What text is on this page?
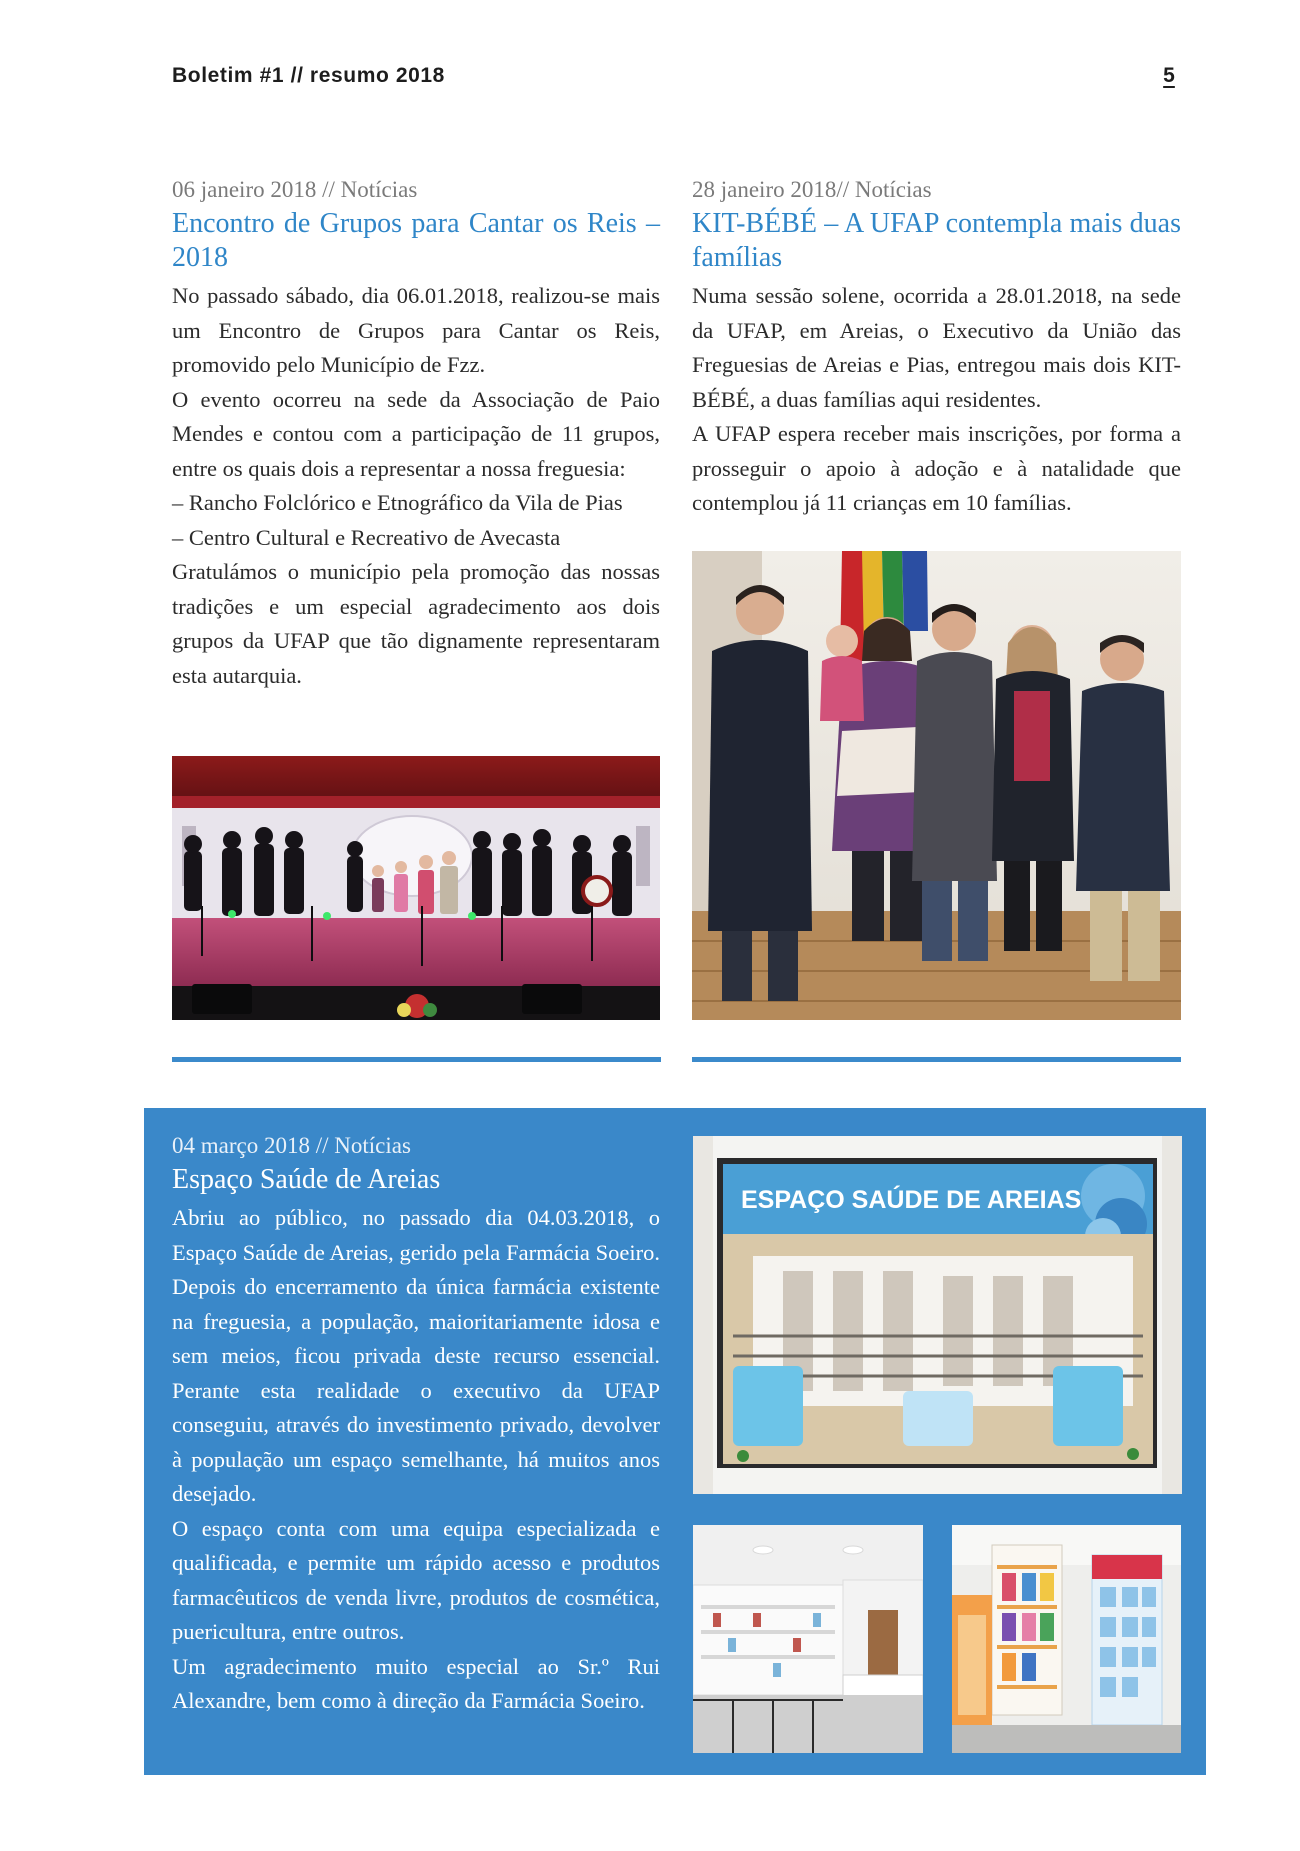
Boletim #1 // resumo 2018	5
06 janeiro 2018 // Notícias
Encontro de Grupos para Cantar os Reis – 2018

No passado sábado, dia 06.01.2018, realizou-se mais um Encontro de Grupos para Cantar os Reis, promovido pelo Município de Fzz.

O evento ocorreu na sede da Associação de Paio Mendes e contou com a participação de 11 grupos, entre os quais dois a representar a nossa freguesia:

– Rancho Folclórico e Etnográfico da Vila de Pias

– Centro Cultural e Recreativo de Avecasta

Gratulámos o município pela promoção das nossas tradições e um especial agradecimento aos dois grupos da UFAP que tão dignamente representaram esta autarquia.

28 janeiro 2018// Notícias
KIT-BÉBÉ – A UFAP contempla mais duas famílias

Numa sessão solene, ocorrida a 28.01.2018, na sede da UFAP, em Areias, o Executivo da União das Freguesias de Areias e Pias, entregou mais dois KIT-BÉBÉ, a duas famílias aqui residentes.

A UFAP espera receber mais inscrições, por forma a prosseguir o apoio à adoção e à natalidade que contemplou já 11 crianças em 10 famílias.

04 março 2018 // Notícias
Espaço Saúde de Areias

Abriu ao público, no passado dia 04.03.2018, o Espaço Saúde de Areias, gerido pela Farmácia Soeiro. Depois do encerramento da única farmácia existente na freguesia, a população, maioritariamente idosa e sem meios, ficou privada deste recurso essencial. Perante esta realidade o executivo da UFAP conseguiu, através do investimento privado, devolver à população um espaço semelhante, há muitos anos desejado.

O espaço conta com uma equipa especializada e qualificada, e permite um rápido acesso e produtos farmacêuticos de venda livre, produtos de cosmética, puericultura, entre outros.

Um agradecimento muito especial ao Sr.º Rui Alexandre, bem como à direção da Farmácia Soeiro.

ESPAÇO SAÚDE DE AREIAS
